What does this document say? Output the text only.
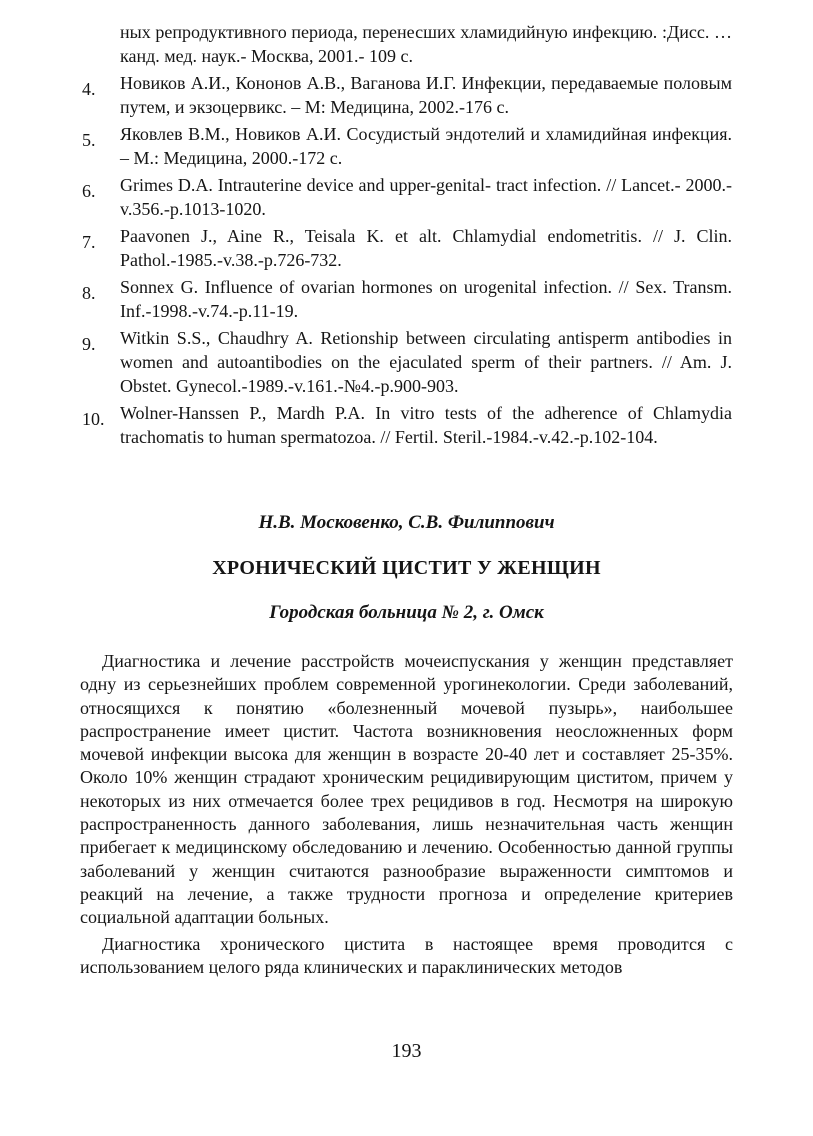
ных репродуктивного периода, перенесших хламидийную инфекцию. :Дисс. … канд. мед. наук.- Москва, 2001.- 109 с.
4.	Новиков А.И., Кононов А.В., Ваганова И.Г. Инфекции, передаваемые половым путем, и экзоцервикс. – М: Медицина, 2002.-176 с.
5.	Яковлев В.М., Новиков А.И. Сосудистый эндотелий и хламидийная инфекция. – М.: Медицина, 2000.-172 с.
6.	Grimes D.A. Intrauterine device and upper-genital- tract infection. // Lancet.- 2000.-v.356.-p.1013-1020.
7.	Paavonen J., Aine R., Teisala K. et alt. Chlamydial endometritis. // J. Clin. Pathol.-1985.-v.38.-p.726-732.
8.	Sonnex G. Influence of ovarian hormones on urogenital infection. // Sex. Transm. Inf.-1998.-v.74.-p.11-19.
9.	Witkin S.S., Chaudhry A. Retionship between circulating antisperm antibodies in women and autoantibodies on the ejaculated sperm of their partners. // Am. J. Obstet. Gynecol.-1989.-v.161.-№4.-p.900-903.
10. Wolner-Hanssen P., Mardh P.A. In vitro tests of the adherence of Chlamydia trachomatis to human spermatozoa. // Fertil. Steril.-1984.-v.42.-p.102-104.
Н.В. Московенко, С.В. Филиппович
ХРОНИЧЕСКИЙ ЦИСТИТ У ЖЕНЩИН
Городская больница № 2, г. Омск

Диагностика и лечение расстройств мочеиспускания у женщин представляет одну из серьезнейших проблем современной урогинекологии. Среди заболеваний, относящихся к понятию «болезненный мочевой пузырь», наибольшее распространение имеет цистит. Частота возникновения неосложненных форм мочевой инфекции высока для женщин в возрасте 20-40 лет и составляет 25-35%. Около 10% женщин страдают хроническим рецидивирующим циститом, причем у некоторых из них отмечается более трех рецидивов в год. Несмотря на широкую распространенность данного заболевания, лишь незначительная часть женщин прибегает к медицинскому обследованию и лечению. Особенностью данной группы заболеваний у женщин считаются разнообразие выраженности симптомов и реакций на лечение, а также трудности прогноза и определение критериев социальной адаптации больных.

Диагностика хронического цистита в настоящее время проводится с использованием целого ряда клинических и параклинических методов

193
